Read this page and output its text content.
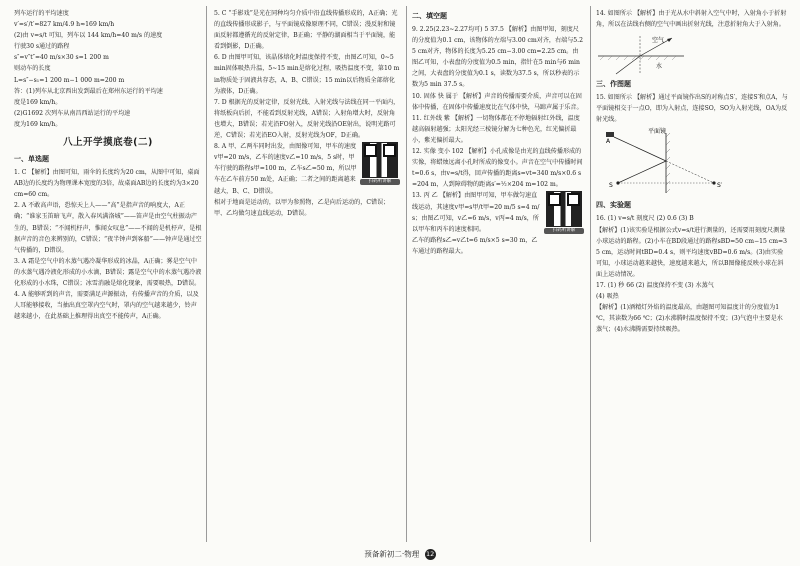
列车运行的平均速度

v′=s′/t′=827 km/4.9 h≈169 km/h

(2)由 v=s/t 可知，列车以 144 km/h=40 m/s 的速度

行驶30 s通过的路程

s″=v″t″=40 m/s×30 s=1 200 m

则动车的长度

L=s″−s₁=1 200 m−1 000 m=200 m

答：(1)列车从北京西出发到最后在郑州东运行的平均速

度是169 km/h。

(2)G1692 次列车从南昌西站运行的平均速

度为169 km/h。

八上开学摸底卷(二)
一、单选题

1. C 【解析】由图可知，雨伞的长度约为20 cm，从图中可知，桌面AB边的长度约为物理课本宽度的3倍，故桌面AB边的长度约为3×20 cm=60 cm。

2. A 不敢高声语，恐惊天上人——“高”是指声音的响度大，A正确；“谁家玉笛暗飞声，散入春风满洛城”——笛声是由空气柱振动产生的，B错误；“不闻机杼声，惟闻女叹息”——不闻的是机杼声，是根据声音的音色来辨别的，C错误；“夜半钟声到客船”——钟声是通过空气传播的，D错误。

3. A 霜是空气中的水蒸气遇冷凝华形成的冰晶，A正确；雾是空气中的水蒸气遇冷液化形成的小水滴，B错误；露是空气中的水蒸气遇冷液化形成的小水珠，C错误；冰雪消融是熔化现象，需要吸热，D错误。

4. A 能够听到的声音，需要满足声源振动，有传播声音的介质，以及人耳能够接收，当抽出真空罩内空气时，罩内的空气越来越少，铃声越来越小，在此基础上推理得出真空不能传声，A正确。

5. C “手影戏”是光在同种均匀介质中沿直线传播形成的，A正确；光的直线传播形成影子，与平面镜成像原理不同，C错误；漫反射和镜面反射都遵循光的反射定律，B正确；平静的湖面相当于平面镜，能看到倒影，D正确。

6. D 由图甲可知，该晶体熔化时温度保持不变，由图乙可知，0~5 min固体吸热升温，5~15 min是熔化过程，吸热温度不变，第10 min物质处于固液共存态，A、B、C错误；15 min以后物质全部熔化为液体，D正确。

7. D 根据光的反射定律，反射光线、入射光线与法线在同一平面内，将纸板向后折，不能看到反射光线，A错误；入射角增大时，反射角也增大，B错误；若光沿FO射入，反射光线沿OE射出，说明光路可逆，C错误；若光沿EO入射，反射光线为OF，D正确。

扫码听讲解

8. A 甲、乙两车同时出发，由图像可知，甲车的速度v甲=20 m/s，乙车的速度v乙=10 m/s，5 s时，甲车行驶的路程s甲=100 m，乙车s乙=50 m，所以甲车在乙车前方50 m处，A正确；二者之间的距离越来越大，B、C、D错误。

相对于地面是运动的，以甲为参照物，乙是向后运动的，C错误；甲、乙均做匀速直线运动，D错误。

二、填空题

9. 2.25(2.23~2.27均可) 5 37.5 【解析】由图甲知，刻度尺的分度值为0.1 cm，该物体的左端与3.00 cm对齐，右端与5.25 cm对齐，物体的长度为5.25 cm−3.00 cm=2.25 cm。由图乙可知，小表盘的分度值为0.5 min，指针在5 min与6 min之间，大表盘的分度值为0.1 s，读数为37.5 s，所以秒表的示数为5 min 37.5 s。

10. 固体 快 属于 【解析】声音的传播需要介质，声音可以在固体中传播，在固体中传播速度比在气体中快，马蹄声属于乐音。

11. 红外线 紫 【解析】一切物体都在不停地辐射红外线，温度越高辐射越强；太阳光经三棱镜分解为七种色光，红光偏折最小，紫光偏折最大。

12. 实像 变小 102 【解析】小孔成像是由光的直线传播形成的实像，将蜡烛远离小孔时所成的像变小。声音在空气中传播时间t=0.6 s，由v=s/t得，回声传播的距离s=vt=340 m/s×0.6 s=204 m，人到障碍物的距离s′=½×204 m=102 m。

扫码听讲解

13. 丙 乙 【解析】由图甲可知，甲车做匀速直线运动，其速度v甲=s甲/t甲=20 m/5 s=4 m/s；由图乙可知，v乙=6 m/s，v丙=4 m/s，所以甲车和丙车的速度相同。

乙车的路程s乙=v乙t=6 m/s×5 s=30 m，乙车通过的路程最大。

14. 如图所示 【解析】由于光从水中斜射入空气中时，入射角小于折射角，所以在法线右侧的空气中画出折射光线，注意折射角大于入射角。

空气
水
三、作图题

15. 如图所示 【解析】通过平面镜作出S的对称点S′，连接S′和点A，与平面镜相交于一点O，即为入射点，连接SO，SO为入射光线，OA为反射光线。

平面镜
A
S	S′
四、实验题

16. (1) v=s/t 刻度尺 (2) 0.6 (3) B

【解析】(1)该实验是根据公式v=s/t进行测量的，还需要用刻度尺测量小球运动的路程。(2)小车在BD段通过的路程sBD=50 cm−15 cm=35 cm，运动时间tBD=0.4 s，则平均速度vBD=0.6 m/s。(3)由实验可知，小球运动越来越快，速度越来越大，所以B图像能反映小球在斜面上运动情况。

17. (1) 秒 66 (2) 温度保持不变 (3) 水蒸气

(4) 吸热

【解析】(1)酒精灯外焰的温度最高，由题图可知温度计的分度值为1 ℃，其读数为66 ℃；(2)水沸腾时温度保持不变；(3)气泡中主要是水蒸气；(4)水沸腾需要持续吸热。

预备新初二·物理 12
